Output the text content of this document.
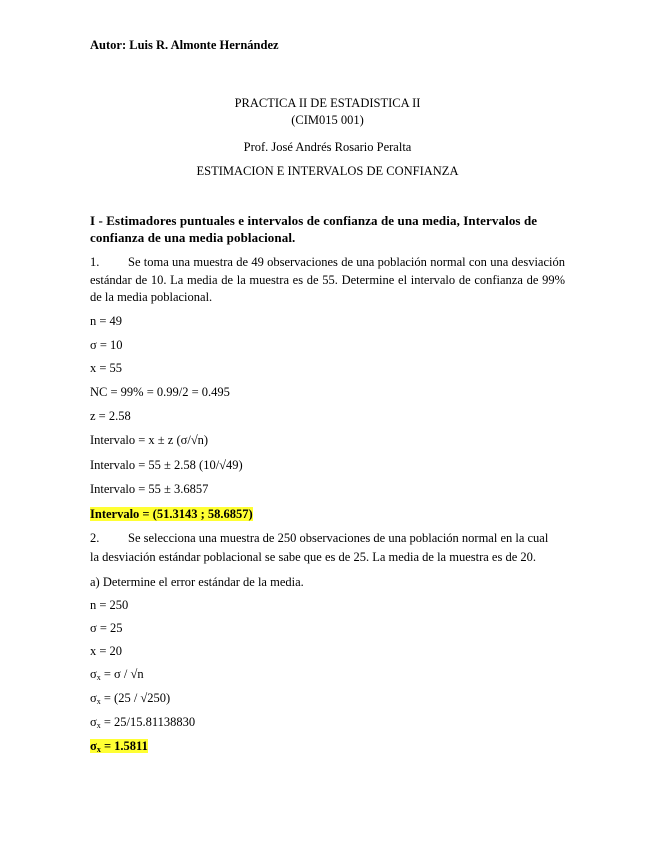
Autor: Luis R. Almonte Hernández
PRACTICA II DE ESTADISTICA II
(CIM015 001)
Prof. José Andrés Rosario Peralta
ESTIMACION E INTERVALOS DE CONFIANZA
I - Estimadores puntuales e intervalos de confianza de una media, Intervalos de confianza de una media poblacional.
1. Se toma una muestra de 49 observaciones de una población normal con una desviación estándar de 10. La media de la muestra es de 55. Determine el intervalo de confianza de 99% de la media poblacional.
n = 49
σ = 10
x = 55
NC = 99% = 0.99/2 = 0.495
z = 2.58
Intervalo = x ± z (σ/√n)
Intervalo = 55 ± 2.58 (10/√49)
Intervalo = 55 ± 3.6857
Intervalo = (51.3143 ; 58.6857)
2. Se selecciona una muestra de 250 observaciones de una población normal en la cual
la desviación estándar poblacional se sabe que es de 25. La media de la muestra es de 20.
a) Determine el error estándar de la media.
n = 250
σ = 25
x = 20
$\sigma_x = \sigma / √n$
$\sigma_x = (25 / √250)$
$\sigma_x = 25/15.81138830$
$\sigma_x = 1.5811$
